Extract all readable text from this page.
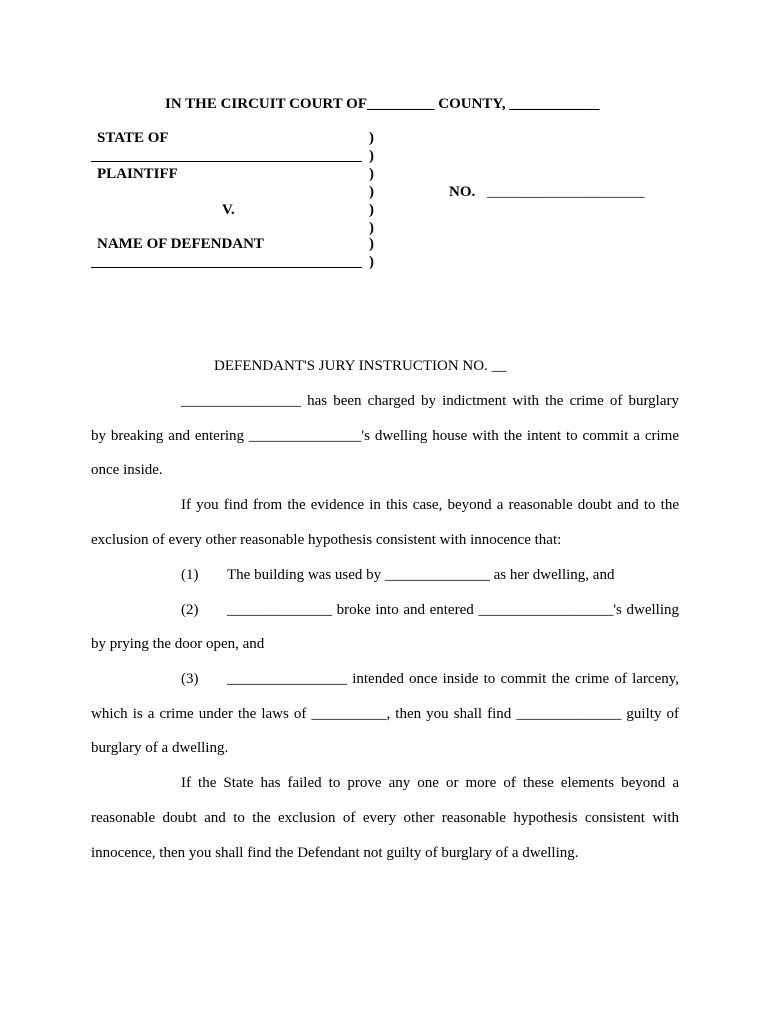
IN THE CIRCUIT COURT OF_________ COUNTY, ____________
STATE OF
PLAINTIFF
V.
NAME OF DEFENDANT
)
)
)
)
)
)
)
)
NO. _____________________
DEFENDANT'S JURY INSTRUCTION NO. __
________________ has been charged by indictment with the crime of burglary
by breaking and entering _______________'s dwelling house with the intent to commit a crime
once inside.
If you find from the evidence in this case, beyond a reasonable doubt and to the
exclusion of every other reasonable hypothesis consistent with innocence that:
(1) The building was used by ______________ as her dwelling, and
(2) ______________ broke into and entered __________________'s dwelling
by prying the door open, and
(3) ________________ intended once inside to commit the crime of larceny,
which is a crime under the laws of __________, then you shall find ______________ guilty of
burglary of a dwelling.
If the State has failed to prove any one or more of these elements beyond a
reasonable doubt and to the exclusion of every other reasonable hypothesis consistent with
innocence, then you shall find the Defendant not guilty of burglary of a dwelling.
